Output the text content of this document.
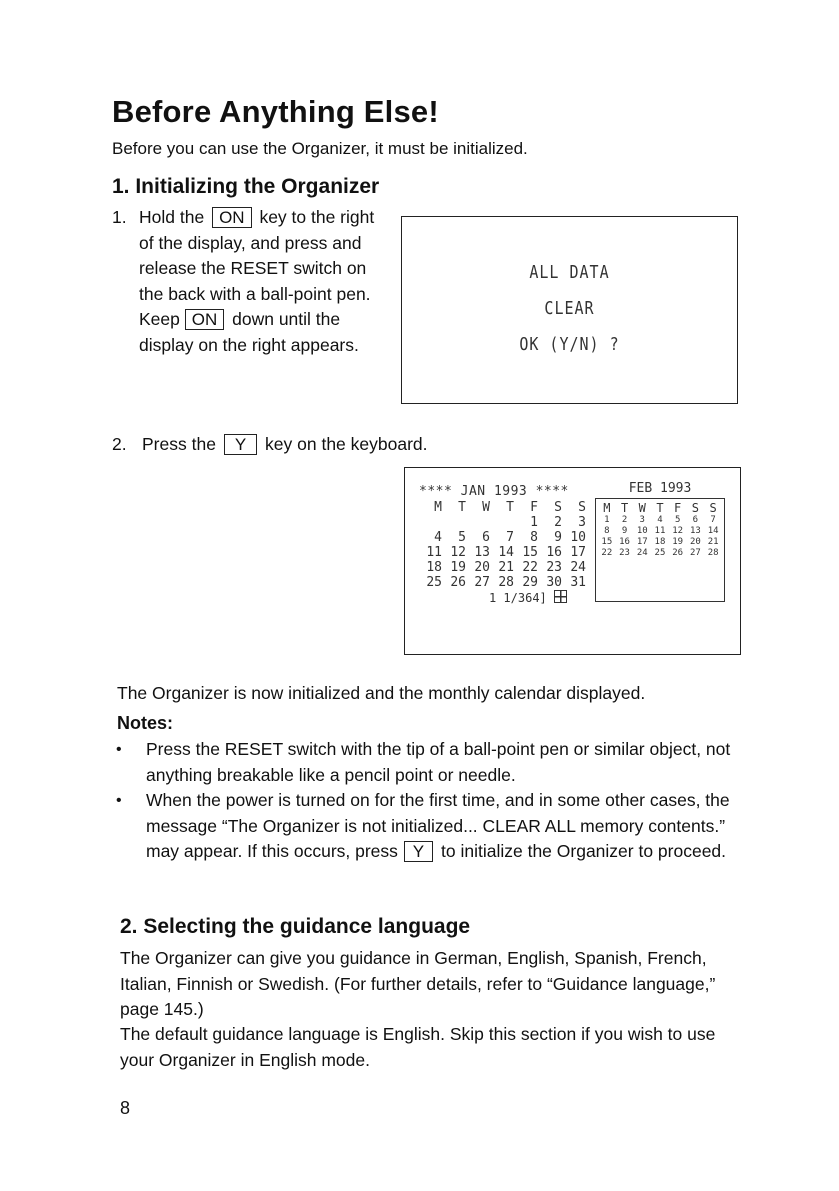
Before Anything Else!
Before you can use the Organizer, it must be initialized.
1. Initializing the Organizer
1. Hold the ON key to the right of the display, and press and release the RESET switch on the back with a ball-point pen. Keep ON down until the display on the right appears.
ALL DATA
CLEAR
OK (Y/N) ?
2. Press the Y key on the keyboard.
**** JAN 1993 ****
M	T	W	T	F	S	S
				1	2	3
4	5	6	7	8	9	10
11	12	13	14	15	16	17
18	19	20	21	22	23	24
25	26	27	28	29	30	31
1 1/364]
FEB 1993
M	T	W	T	F	S	S
1	2	3	4	5	6	7
8	9	10	11	12	13	14
15	16	17	18	19	20	21
22	23	24	25	26	27	28
The Organizer is now initialized and the monthly calendar displayed.
Notes:
• Press the RESET switch with the tip of a ball-point pen or similar object, not anything breakable like a pencil point or needle.
• When the power is turned on for the first time, and in some other cases, the message “The Organizer is not initialized... CLEAR ALL memory contents.” may appear. If this occurs, press Y to initialize the Organizer to proceed.
2. Selecting the guidance language
The Organizer can give you guidance in German, English, Spanish, French, Italian, Finnish or Swedish. (For further details, refer to “Guidance language,” page 145.)
The default guidance language is English. Skip this section if you wish to use your Organizer in English mode.
8
